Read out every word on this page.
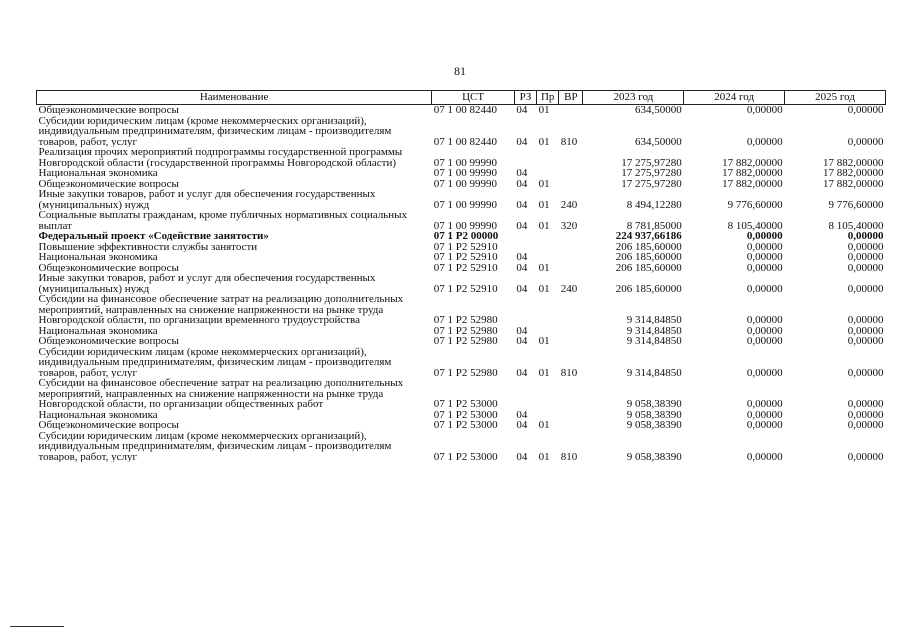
81
Наименование	ЦСТ	РЗ	Пр	ВР	2023 год	2024 год	2025 год
Общеэкономические вопросы	07 1 00 82440	04	01		634,50000	0,00000	0,00000
Субсидии юридическим лицам (кроме некоммерческих организаций), индивидуальным предпринимателям, физическим лицам - производителям товаров, работ, услуг	07 1 00 82440	04	01	810	634,50000	0,00000	0,00000
Реализация прочих мероприятий подпрограммы государственной программы Новгородской области (государственной программы Новгородской области)	07 1 00 99990				17 275,97280	17 882,00000	17 882,00000
Национальная экономика	07 1 00 99990	04			17 275,97280	17 882,00000	17 882,00000
Общеэкономические вопросы	07 1 00 99990	04	01		17 275,97280	17 882,00000	17 882,00000
Иные закупки товаров, работ и услуг для обеспечения государственных (муниципальных) нужд	07 1 00 99990	04	01	240	8 494,12280	9 776,60000	9 776,60000
Социальные выплаты гражданам, кроме публичных нормативных социальных выплат	07 1 00 99990	04	01	320	8 781,85000	8 105,40000	8 105,40000
Федеральный проект «Содействие занятости»	07 1 P2 00000				224 937,66186	0,00000	0,00000
Повышение эффективности службы занятости	07 1 P2 52910				206 185,60000	0,00000	0,00000
Национальная экономика	07 1 P2 52910	04			206 185,60000	0,00000	0,00000
Общеэкономические вопросы	07 1 P2 52910	04	01		206 185,60000	0,00000	0,00000
Иные закупки товаров, работ и услуг для обеспечения государственных (муниципальных) нужд	07 1 P2 52910	04	01	240	206 185,60000	0,00000	0,00000
Субсидии на финансовое обеспечение затрат на реализацию дополнительных мероприятий, направленных на снижение напряженности на рынке труда Новгородской области, по организации временного трудоустройства	07 1 P2 52980				9 314,84850	0,00000	0,00000
Национальная экономика	07 1 P2 52980	04			9 314,84850	0,00000	0,00000
Общеэкономические вопросы	07 1 P2 52980	04	01		9 314,84850	0,00000	0,00000
Субсидии юридическим лицам (кроме некоммерческих организаций), индивидуальным предпринимателям, физическим лицам - производителям товаров, работ, услуг	07 1 P2 52980	04	01	810	9 314,84850	0,00000	0,00000
Субсидии на финансовое обеспечение затрат на реализацию дополнительных мероприятий, направленных на снижение напряженности на рынке труда Новгородской области, по организации общественных работ	07 1 P2 53000				9 058,38390	0,00000	0,00000
Национальная экономика	07 1 P2 53000	04			9 058,38390	0,00000	0,00000
Общеэкономические вопросы	07 1 P2 53000	04	01		9 058,38390	0,00000	0,00000
Субсидии юридическим лицам (кроме некоммерческих организаций), индивидуальным предпринимателям, физическим лицам - производителям товаров, работ, услуг	07 1 P2 53000	04	01	810	9 058,38390	0,00000	0,00000
